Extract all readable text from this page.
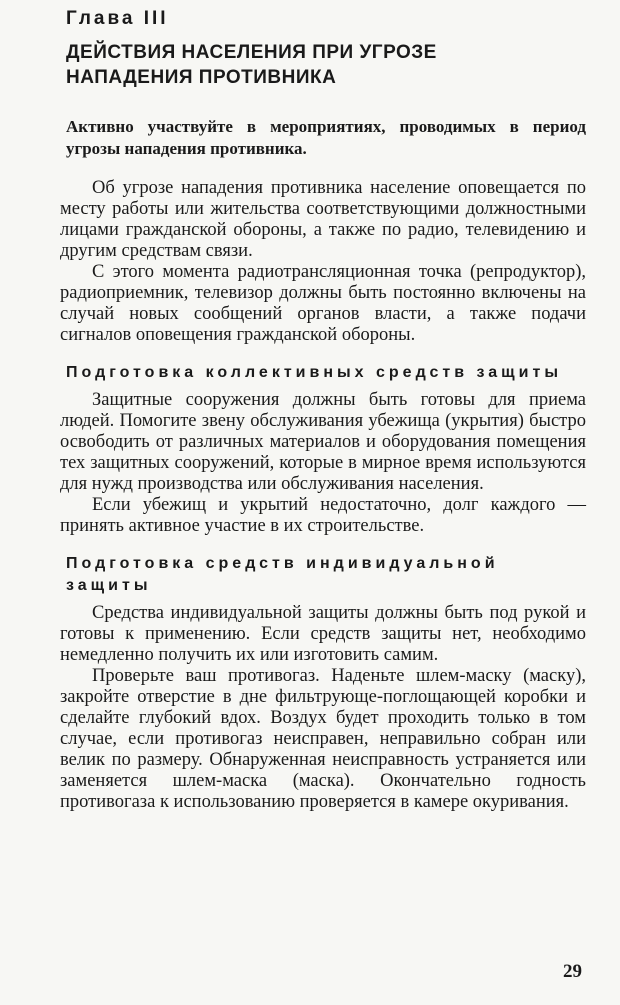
Глава III
ДЕЙСТВИЯ НАСЕЛЕНИЯ ПРИ УГРОЗЕ
НАПАДЕНИЯ ПРОТИВНИКА
Активно участвуйте в мероприятиях, проводимых в период угрозы нападения противника.

Об угрозе нападения противника население оповещается по месту работы или жительства соответствующими должностными лицами гражданской обороны, а также по радио, телевидению и другим средствам связи.

С этого момента радиотрансляционная точка (репродуктор), радиоприемник, телевизор должны быть постоянно включены на случай новых сообщений органов власти, а также подачи сигналов оповещения гражданской обороны.

Подготовка коллективных средств защиты

Защитные сооружения должны быть готовы для приема людей. Помогите звену обслуживания убежища (укрытия) быстро освободить от различных материалов и оборудования помещения тех защитных сооружений, которые в мирное время используются для нужд производства или обслуживания населения.

Если убежищ и укрытий недостаточно, долг каждого — принять активное участие в их строительстве.

Подготовка средств индивидуальной защиты

Средства индивидуальной защиты должны быть под рукой и готовы к применению. Если средств защиты нет, необходимо немедленно получить их или изготовить самим.

Проверьте ваш противогаз. Наденьте шлем-маску (маску), закройте отверстие в дне фильтрующе-поглощающей коробки и сделайте глубокий вдох. Воздух будет проходить только в том случае, если противогаз неисправен, неправильно собран или велик по размеру. Обнаруженная неисправность устраняется или заменяется шлем-маска (маска). Окончательно годность противогаза к использованию проверяется в камере окуривания.

29
